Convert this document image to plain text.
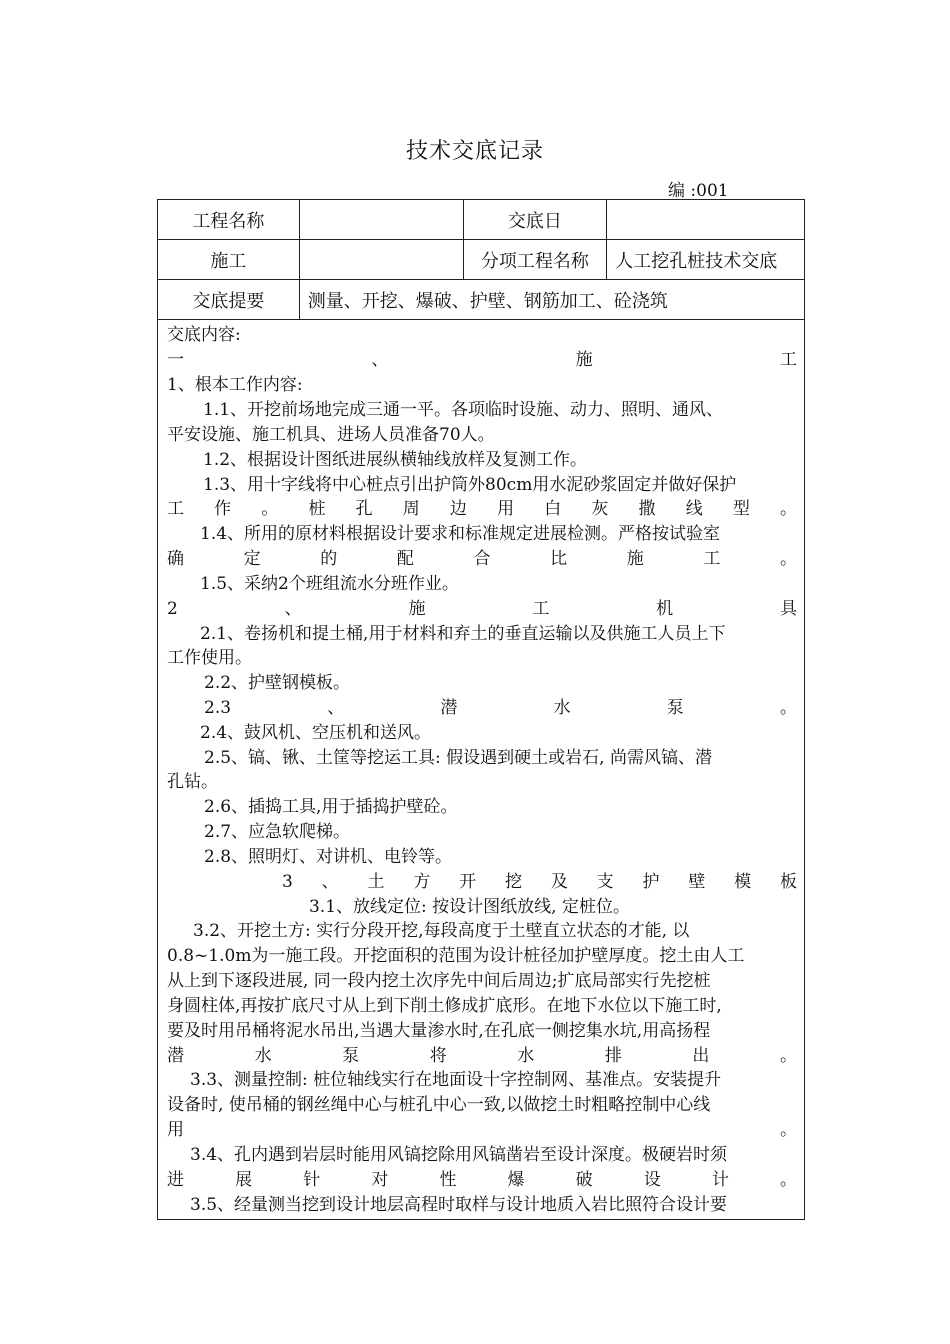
技术交底记录
编 :001
工程名称		交底日	
施工		分项工程名称	人工挖孔桩技术交底
交底提要	测量、开挖、爆破、护壁、钢筋加工、砼浇筑		
交底内容:
一、施工
1、根本工作内容:
1.1、开挖前场地完成三通一平。各项临时设施、动力、照明、通风、
平安设施、施工机具、进场人员准备70人。
1.2、根据设计图纸进展纵横轴线放样及复测工作。
1.3、用十字线将中心桩点引出护筒外80cm用水泥砂浆固定并做好保护
工作。桩孔周边用白灰撒线型。
1.4、所用的原材料根据设计要求和标准规定进展检测。严格按试验室
确定的配合比施工。
1.5、采纳2个班组流水分班作业。
2、施工机具
2.1、卷扬机和提土桶,用于材料和弃土的垂直运输以及供施工人员上下
工作使用。
2.2、护壁钢模板。
2.3、潜水泵。
2.4、鼓风机、空压机和送风。
2.5、镐、锹、土筐等挖运工具: 假设遇到硬土或岩石, 尚需风镐、潜
孔钻。
2.6、插捣工具,用于插捣护壁砼。
2.7、应急软爬梯。
2.8、照明灯、对讲机、电铃等。
3、土方开挖及支护壁模板
3.1、放线定位: 按设计图纸放线, 定桩位。
3.2、开挖土方: 实行分段开挖,每段高度于土壁直立状态的才能, 以
0.8~1.0m为一施工段。开挖面积的范围为设计桩径加护壁厚度。挖土由人工
从上到下逐段进展, 同一段内挖土次序先中间后周边;扩底局部实行先挖桩
身圆柱体,再按扩底尺寸从上到下削土修成扩底形。在地下水位以下施工时,
要及时用吊桶将泥水吊出,当遇大量渗水时,在孔底一侧挖集水坑,用高扬程
潜水泵将水排出。
3.3、测量控制: 桩位轴线实行在地面设十字控制网、基准点。安装提升
设备时, 使吊桶的钢丝绳中心与桩孔中心一致,以做挖土时粗略控制中心线
用。
3.4、孔内遇到岩层时能用风镐挖除用风镐凿岩至设计深度。极硬岩时须
进展针对性爆破设计。
3.5、经量测当挖到设计地层高程时取样与设计地质入岩比照符合设计要
